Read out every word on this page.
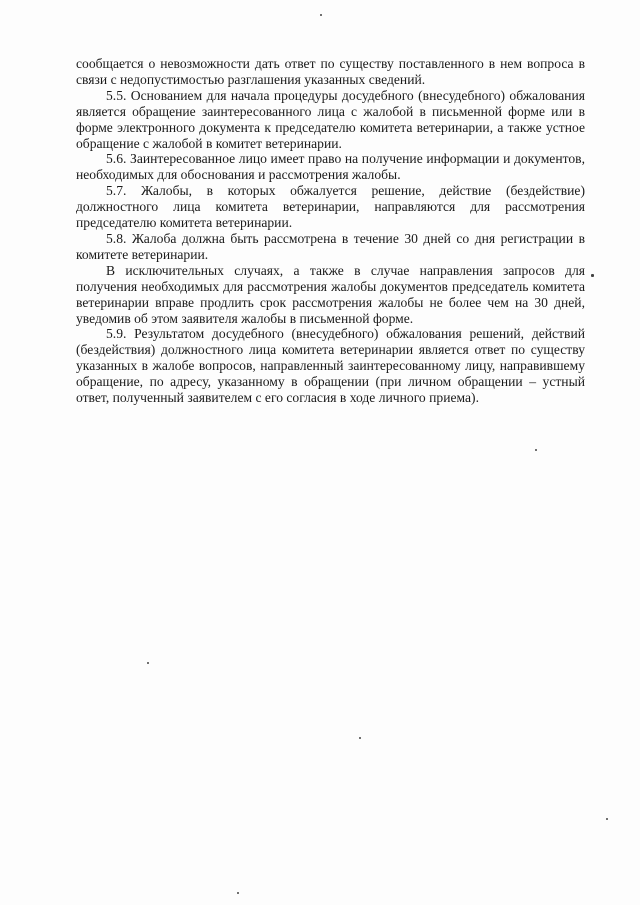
сообщается о невозможности дать ответ по существу поставленного в нем вопроса в связи с недопустимостью разглашения указанных сведений.

5.5. Основанием для начала процедуры досудебного (внесудебного) обжалования является обращение заинтересованного лица с жалобой в письменной форме или в форме электронного документа к председателю комитета ветеринарии, а также устное обращение с жалобой в комитет ветеринарии.

5.6. Заинтересованное лицо имеет право на получение информации и документов, необходимых для обоснования и рассмотрения жалобы.

5.7. Жалобы, в которых обжалуется решение, действие (бездействие) должностного лица комитета ветеринарии, направляются для рассмотрения председателю комитета ветеринарии.

5.8. Жалоба должна быть рассмотрена в течение 30 дней со дня регистрации в комитете ветеринарии.

В исключительных случаях, а также в случае направления запросов для получения необходимых для рассмотрения жалобы документов председатель комитета ветеринарии вправе продлить срок рассмотрения жалобы не более чем на 30 дней, уведомив об этом заявителя жалобы в письменной форме.

5.9. Результатом досудебного (внесудебного) обжалования решений, действий (бездействия) должностного лица комитета ветеринарии является ответ по существу указанных в жалобе вопросов, направленный заинтересованному лицу, направившему обращение, по адресу, указанному в обращении (при личном обращении – устный ответ, полученный заявителем с его согласия в ходе личного приема).
